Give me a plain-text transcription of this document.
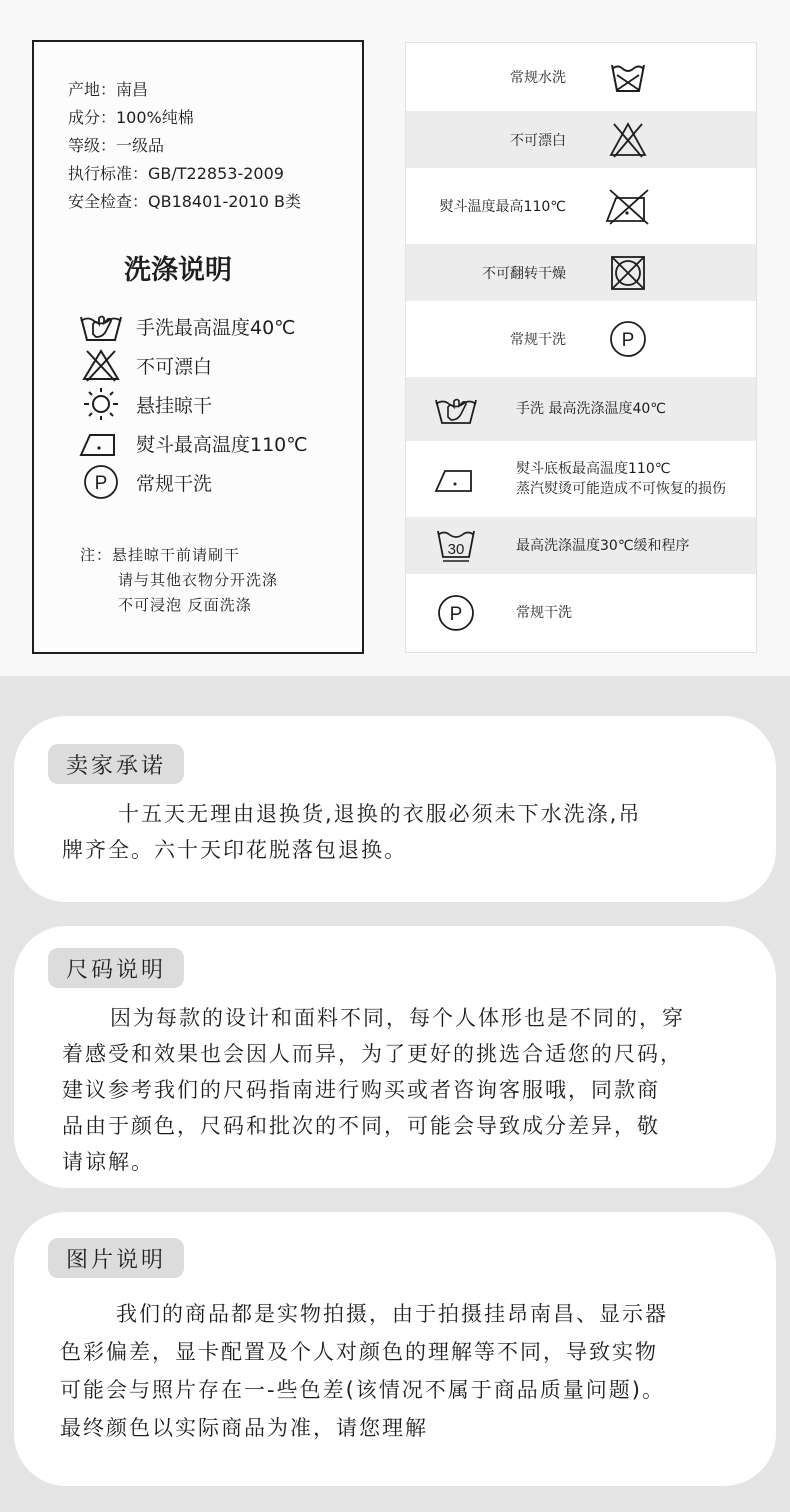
产地：南昌
成分：100%纯棉
等级：一级品
执行标准：GB/T22853-2009
安全检查：QB18401-2010 B类
洗涤说明
手洗最高温度40℃
不可漂白
悬挂晾干
熨斗最高温度110℃
P 常规干洗
注：悬挂晾干前请刷干
请与其他衣物分开洗涤
不可浸泡 反面洗涤
常规水洗
不可漂白
熨斗温度最高110℃
不可翻转干燥
常规干洗	P
手洗 最高洗涤温度40℃
熨斗底板最高温度110℃
蒸汽熨烫可能造成不可恢复的损伤
30	最高洗涤温度30℃缓和程序
P	常规干洗
卖家承诺
十五天无理由退换货,退换的衣服必须未下水洗涤,吊
牌齐全。六十天印花脱落包退换。
尺码说明
因为每款的设计和面料不同，每个人体形也是不同的，穿
着感受和效果也会因人而异，为了更好的挑选合适您的尺码，
建议参考我们的尺码指南进行购买或者咨询客服哦，同款商
品由于颜色，尺码和批次的不同，可能会导致成分差异，敬
请谅解。
图片说明
我们的商品都是实物拍摄，由于拍摄挂昂南昌、显示器
色彩偏差，显卡配置及个人对颜色的理解等不同，导致实物
可能会与照片存在一-些色差(该情况不属于商品质量问题)。
最终颜色以实际商品为准，请您理解
